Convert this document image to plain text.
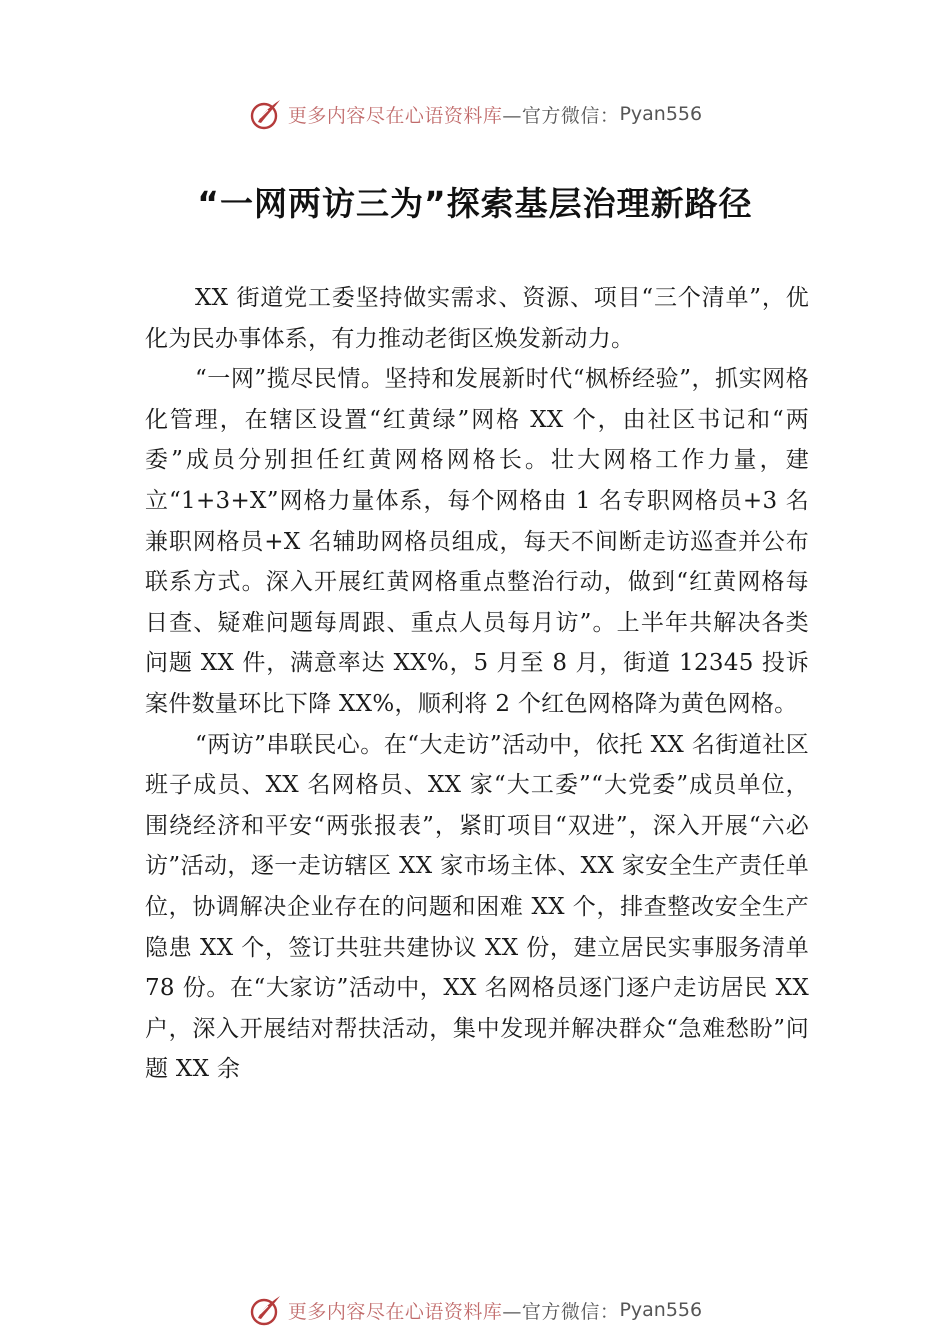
更多内容尽在心语资料库—官方微信： Pyan556
“一网两访三为”探索基层治理新路径

XX 街道党工委坚持做实需求、资源、项目“三个清单”，优化为民办事体系，有力推动老街区焕发新动力。

“一网”揽尽民情。坚持和发展新时代“枫桥经验”，抓实网格化管理，在辖区设置“红黄绿”网格 XX 个，由社区书记和“两委”成员分别担任红黄网格网格长。壮大网格工作力量，建立“1+3+X”网格力量体系，每个网格由 1 名专职网格员+3 名兼职网格员+X 名辅助网格员组成，每天不间断走访巡查并公布联系方式。深入开展红黄网格重点整治行动，做到“红黄网格每日查、疑难问题每周跟、重点人员每月访”。上半年共解决各类问题 XX 件，满意率达 XX%，5 月至 8 月，街道 12345 投诉案件数量环比下降 XX%，顺利将 2 个红色网格降为黄色网格。

“两访”串联民心。在“大走访”活动中，依托 XX 名街道社区班子成员、XX 名网格员、XX 家“大工委”“大党委”成员单位，围绕经济和平安“两张报表”，紧盯项目“双进”，深入开展“六必访”活动，逐一走访辖区 XX 家市场主体、XX 家安全生产责任单位，协调解决企业存在的问题和困难 XX 个，排查整改安全生产隐患 XX 个，签订共驻共建协议 XX 份，建立居民实事服务清单 78 份。在“大家访”活动中，XX 名网格员逐门逐户走访居民 XX 户，深入开展结对帮扶活动，集中发现并解决群众“急难愁盼”问题 XX 余

更多内容尽在心语资料库—官方微信： Pyan556
